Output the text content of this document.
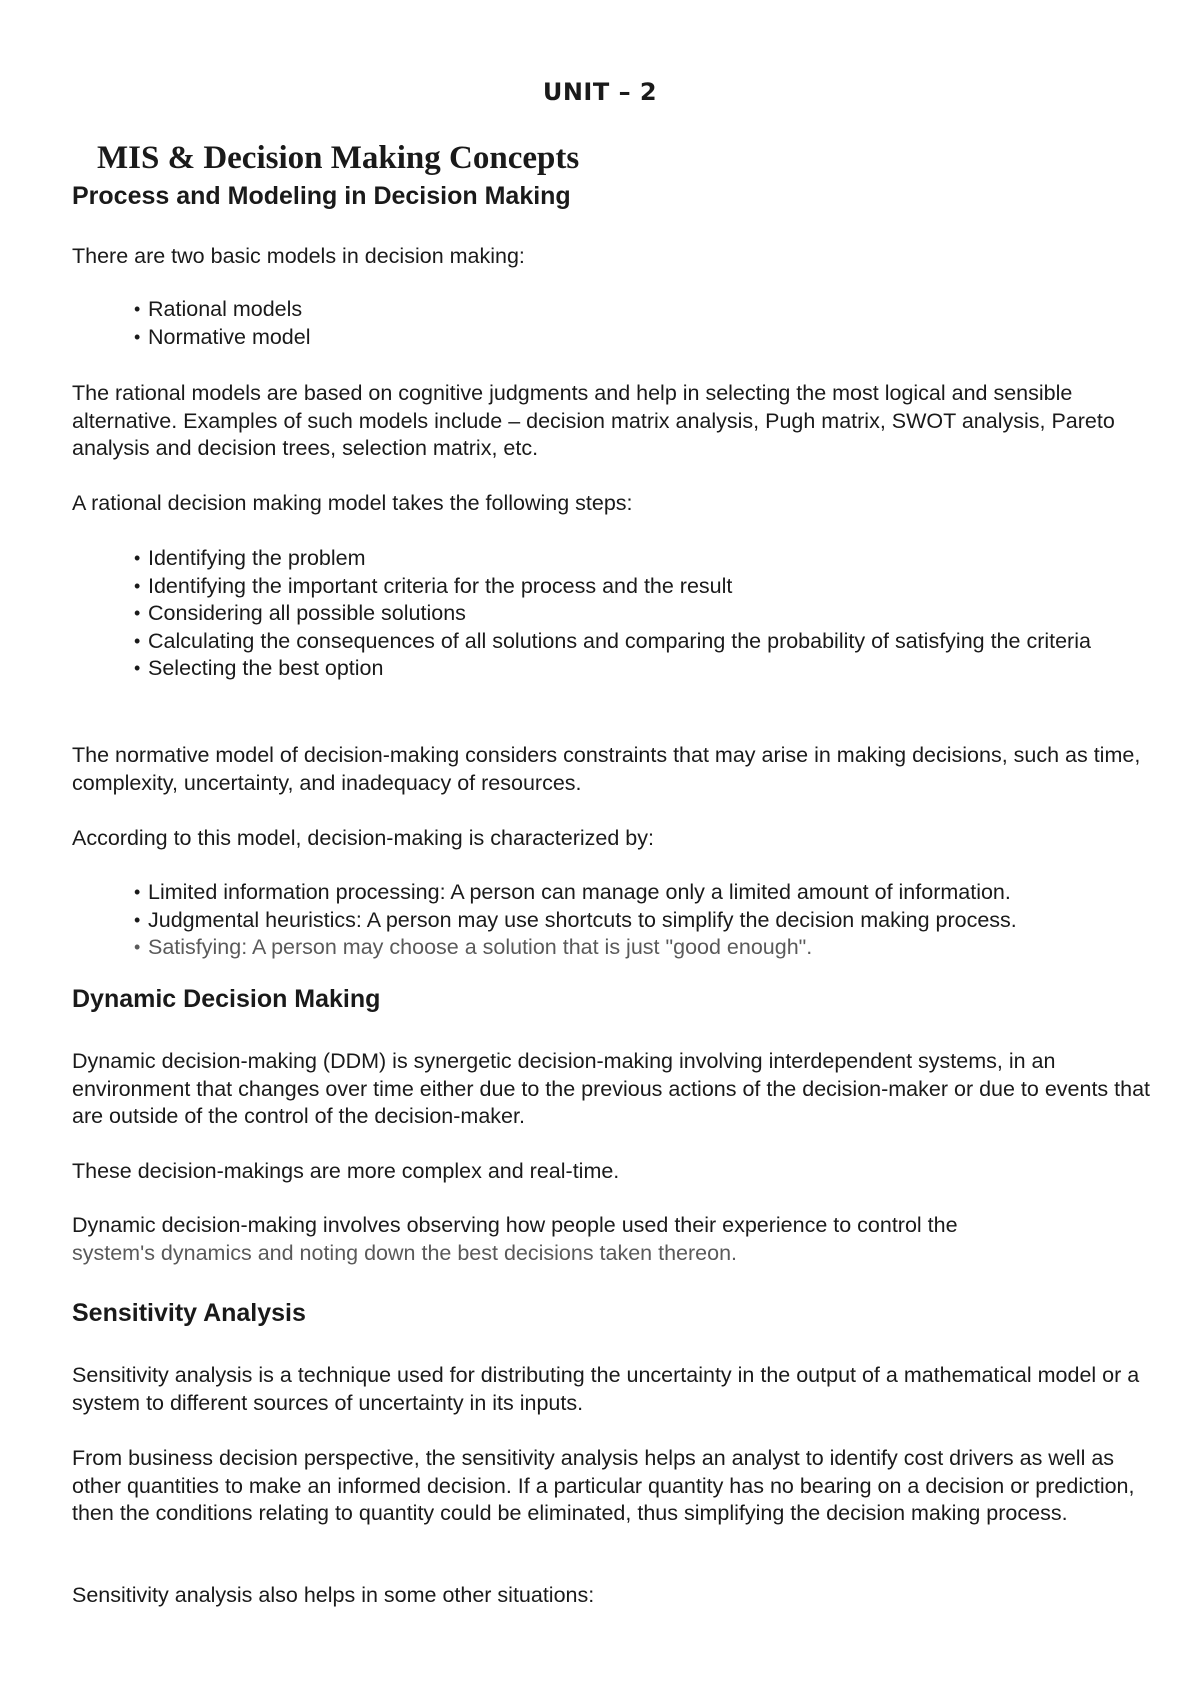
UNIT – 2
MIS & Decision Making Concepts
Process and Modeling in Decision Making

There are two basic models in decision making:

• Rational models
• Normative model

The rational models are based on cognitive judgments and help in selecting the most logical and sensible alternative. Examples of such models include – decision matrix analysis, Pugh matrix, SWOT analysis, Pareto analysis and decision trees, selection matrix, etc.

A rational decision making model takes the following steps:

• Identifying the problem
• Identifying the important criteria for the process and the result
• Considering all possible solutions
• Calculating the consequences of all solutions and comparing the probability of satisfying the criteria
• Selecting the best option

The normative model of decision-making considers constraints that may arise in making decisions, such as time, complexity, uncertainty, and inadequacy of resources.

According to this model, decision-making is characterized by:

• Limited information processing: A person can manage only a limited amount of information.
• Judgmental heuristics: A person may use shortcuts to simplify the decision making process.
• Satisfying: A person may choose a solution that is just "good enough".
Dynamic Decision Making

Dynamic decision-making (DDM) is synergetic decision-making involving interdependent systems, in an environment that changes over time either due to the previous actions of the decision-maker or due to events that are outside of the control of the decision-maker.

These decision-makings are more complex and real-time.

Dynamic decision-making involves observing how people used their experience to control the
system's dynamics and noting down the best decisions taken thereon.

Sensitivity Analysis

Sensitivity analysis is a technique used for distributing the uncertainty in the output of a mathematical model or a system to different sources of uncertainty in its inputs.

From business decision perspective, the sensitivity analysis helps an analyst to identify cost drivers as well as other quantities to make an informed decision. If a particular quantity has no bearing on a decision or prediction, then the conditions relating to quantity could be eliminated, thus simplifying the decision making process.

Sensitivity analysis also helps in some other situations:
